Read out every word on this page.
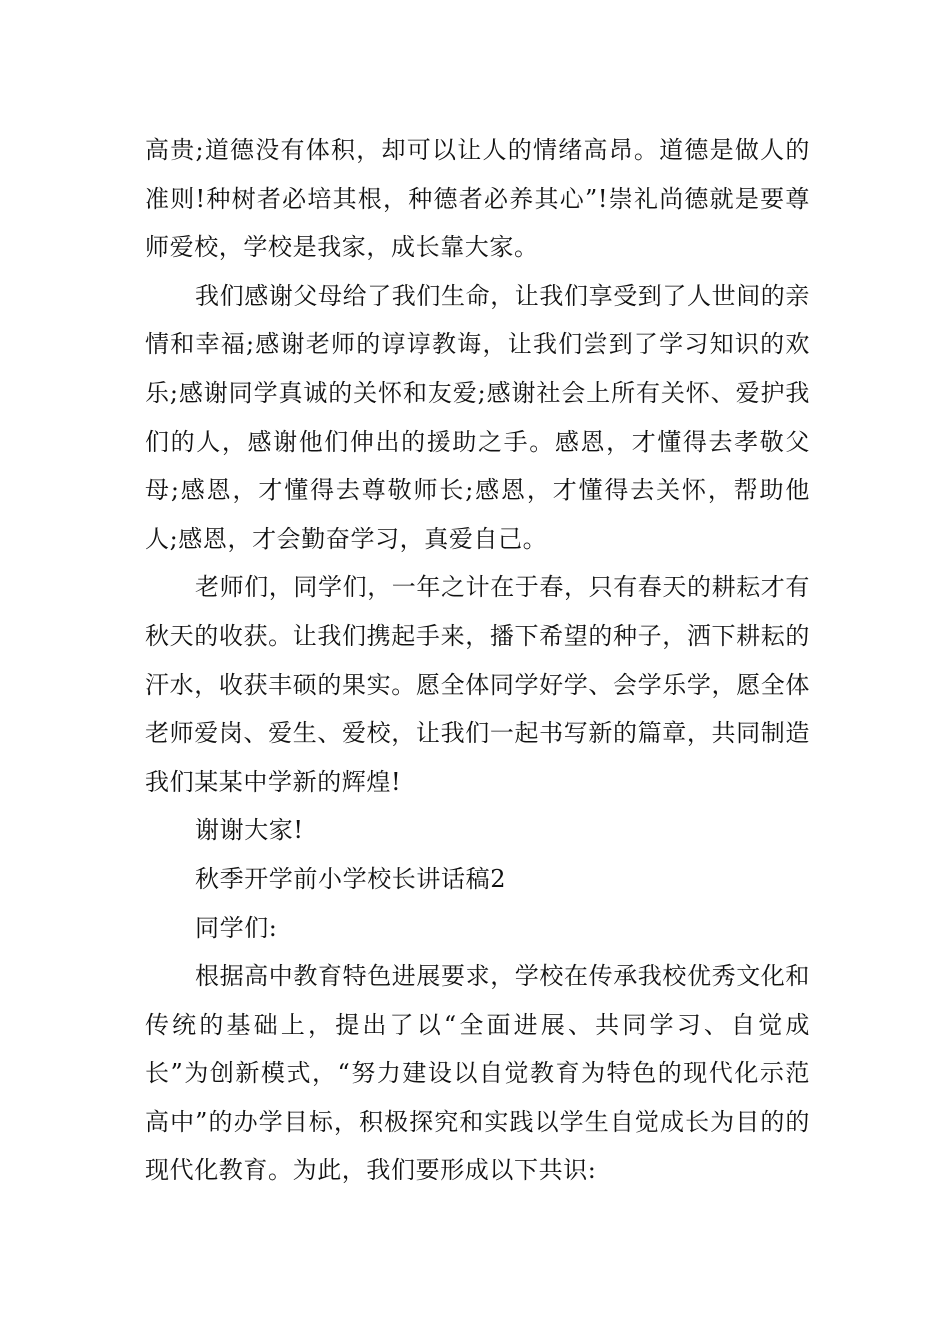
高贵;道德没有体积，却可以让人的情绪高昂。道德是做人的准则!种树者必培其根，种德者必养其心”!崇礼尚德就是要尊师爱校，学校是我家，成长靠大家。

我们感谢父母给了我们生命，让我们享受到了人世间的亲情和幸福;感谢老师的谆谆教诲，让我们尝到了学习知识的欢乐;感谢同学真诚的关怀和友爱;感谢社会上所有关怀、爱护我们的人，感谢他们伸出的援助之手。感恩，才懂得去孝敬父母;感恩，才懂得去尊敬师长;感恩，才懂得去关怀，帮助他人;感恩，才会勤奋学习，真爱自己。

老师们，同学们，一年之计在于春，只有春天的耕耘才有秋天的收获。让我们携起手来，播下希望的种子，洒下耕耘的汗水，收获丰硕的果实。愿全体同学好学、会学乐学，愿全体老师爱岗、爱生、爱校，让我们一起书写新的篇章，共同制造我们某某中学新的辉煌!

谢谢大家!

秋季开学前小学校长讲话稿2

同学们:

根据高中教育特色进展要求，学校在传承我校优秀文化和传统的基础上，提出了以“全面进展、共同学习、自觉成长”为创新模式，“努力建设以自觉教育为特色的现代化示范高中”的办学目标，积极探究和实践以学生自觉成长为目的的现代化教育。为此，我们要形成以下共识:
